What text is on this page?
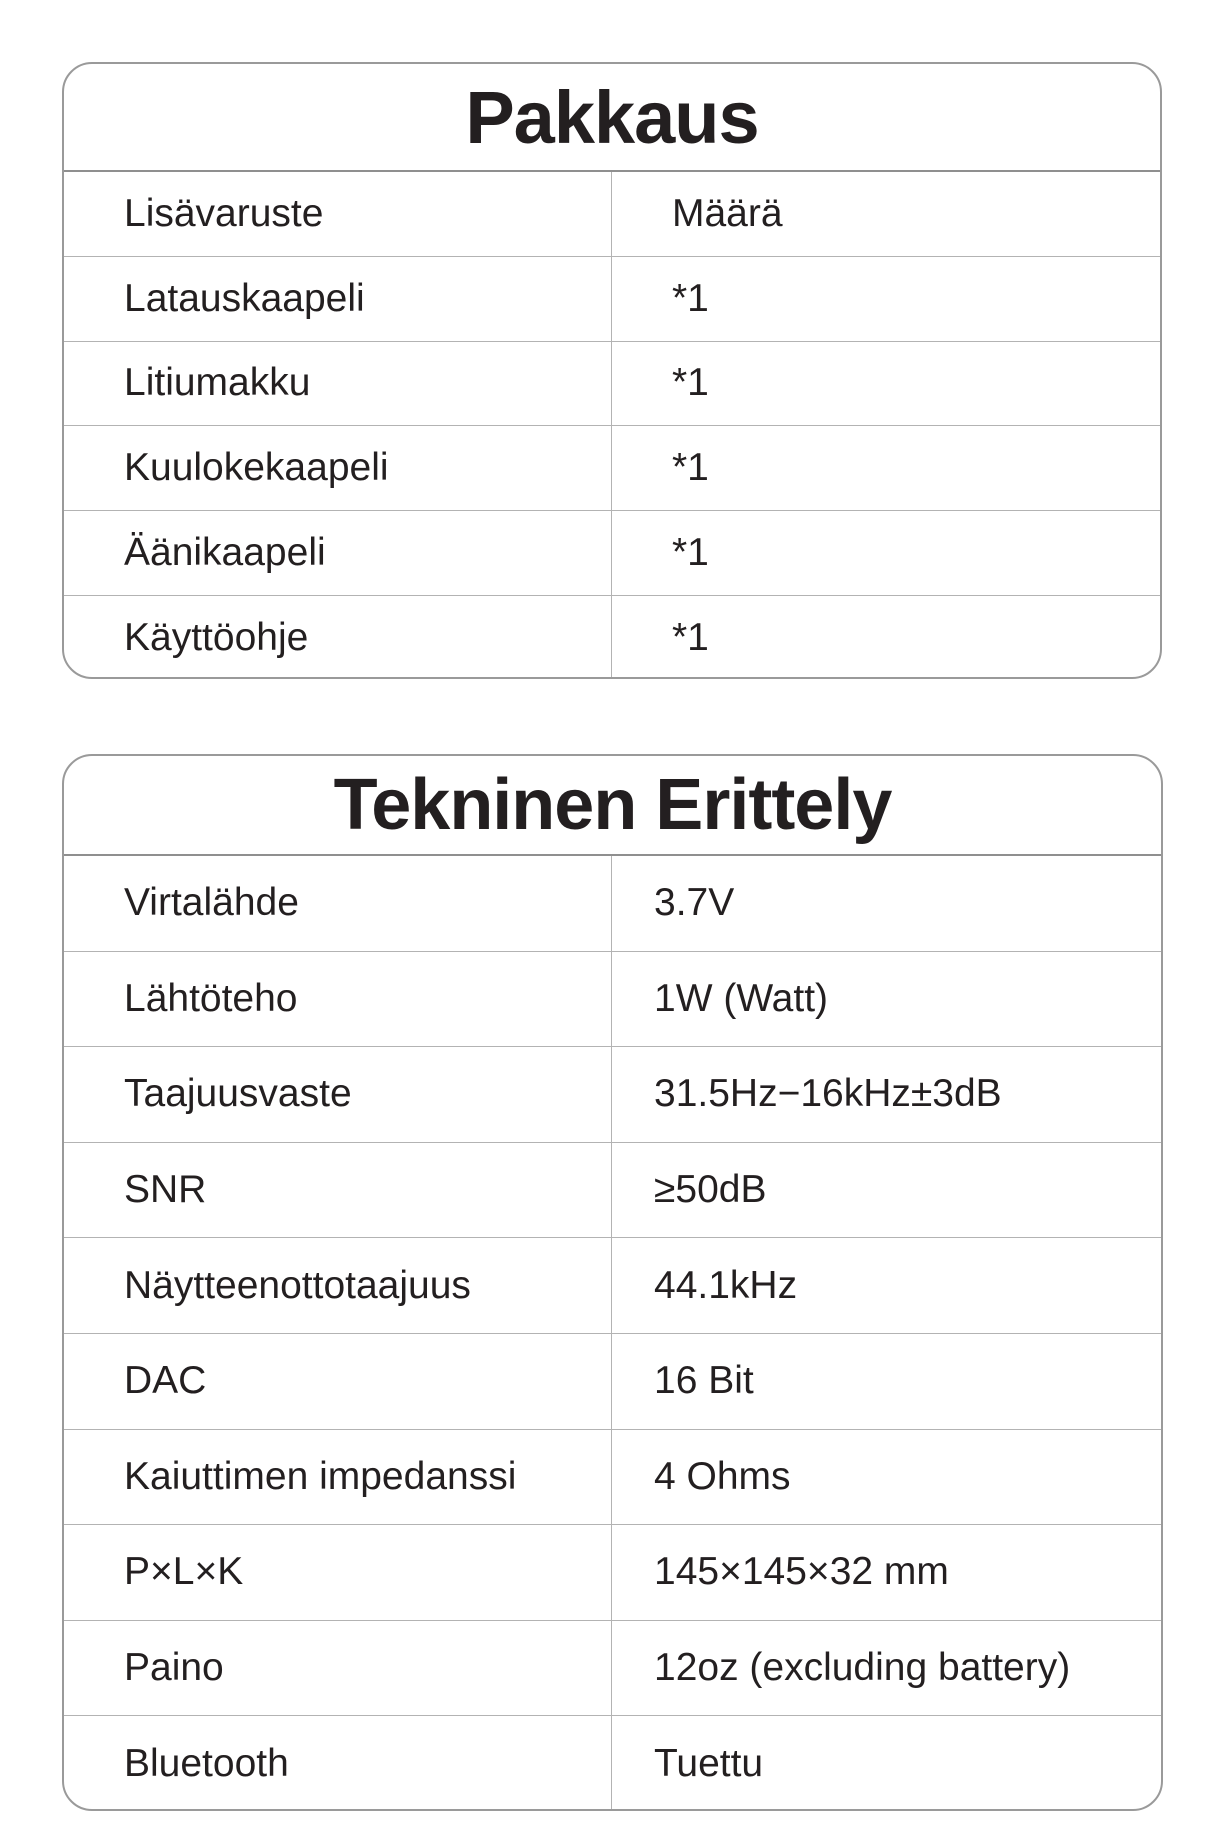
Pakkaus
Lisävaruste	Määrä
Latauskaapeli	*1
Litiumakku	*1
Kuulokekaapeli	*1
Äänikaapeli	*1
Käyttöohje	*1
Tekninen Erittely
Virtalähde	3.7V
Lähtöteho	1W (Watt)
Taajuusvaste	31.5Hz−16kHz±3dB
SNR	≥50dB
Näytteenottotaajuus	44.1kHz
DAC	16 Bit
Kaiuttimen impedanssi	4 Ohms
P×L×K	145×145×32 mm
Paino	12oz (excluding battery)
Bluetooth	Tuettu
